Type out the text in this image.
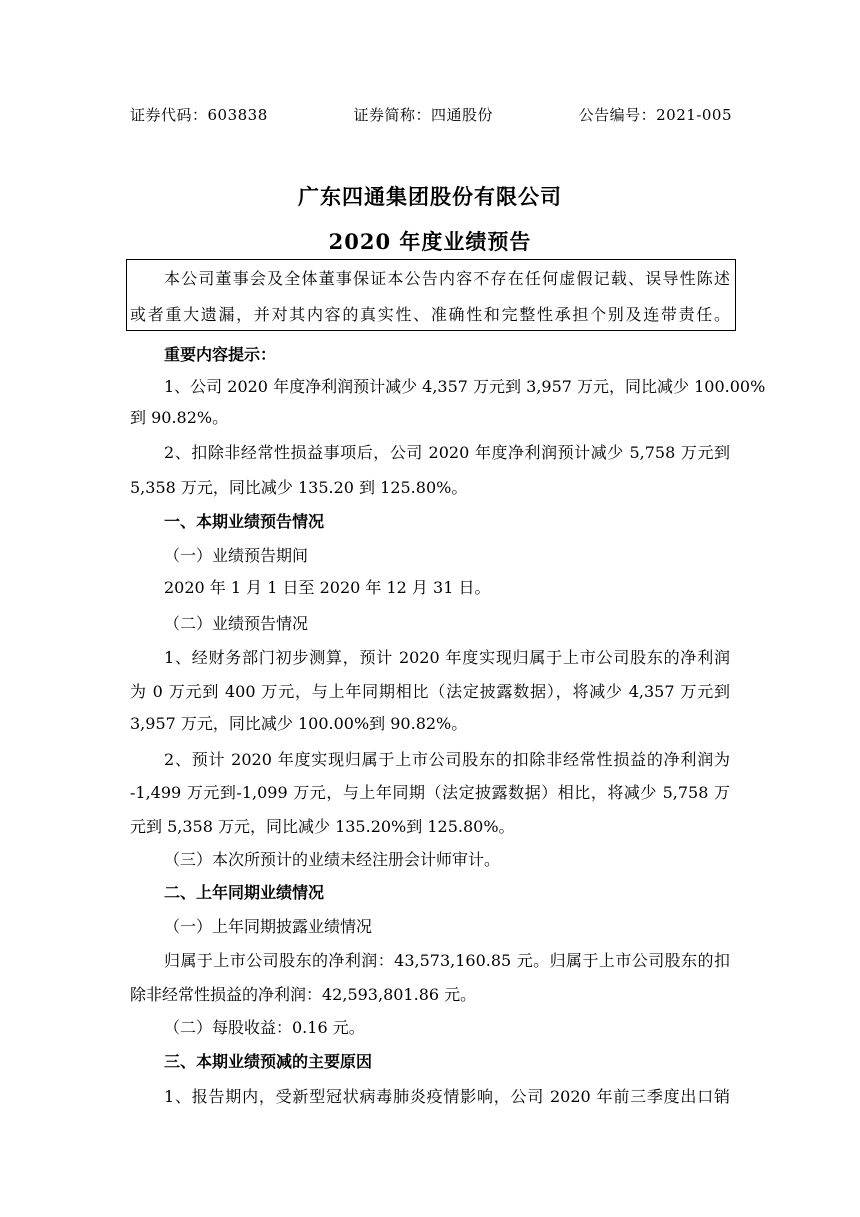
证券代码：603838	证券简称：四通股份	公告编号：2021-005
广东四通集团股份有限公司
2020 年度业绩预告
本公司董事会及全体董事保证本公告内容不存在任何虚假记载、误导性陈述
或者重大遗漏，并对其内容的真实性、准确性和完整性承担个别及连带责任。
重要内容提示：
1、公司 2020 年度净利润预计减少 4,357 万元到 3,957 万元，同比减少 100.00%
到 90.82%。
2、扣除非经常性损益事项后，公司 2020 年度净利润预计减少 5,758 万元到
5,358 万元，同比减少 135.20 到 125.80%。
一、本期业绩预告情况
（一）业绩预告期间
2020 年 1 月 1 日至 2020 年 12 月 31 日。
（二）业绩预告情况
1、经财务部门初步测算，预计 2020 年度实现归属于上市公司股东的净利润
为 0 万元到 400 万元，与上年同期相比（法定披露数据），将减少 4,357 万元到
3,957 万元，同比减少 100.00%到 90.82%。
2、预计 2020 年度实现归属于上市公司股东的扣除非经常性损益的净利润为
-1,499 万元到-1,099 万元，与上年同期（法定披露数据）相比，将减少 5,758 万
元到 5,358 万元，同比减少 135.20%到 125.80%。
（三）本次所预计的业绩未经注册会计师审计。
二、上年同期业绩情况
（一）上年同期披露业绩情况
归属于上市公司股东的净利润：43,573,160.85 元。归属于上市公司股东的扣
除非经常性损益的净利润：42,593,801.86 元。
（二）每股收益：0.16 元。
三、本期业绩预减的主要原因
1、报告期内，受新型冠状病毒肺炎疫情影响，公司 2020 年前三季度出口销
